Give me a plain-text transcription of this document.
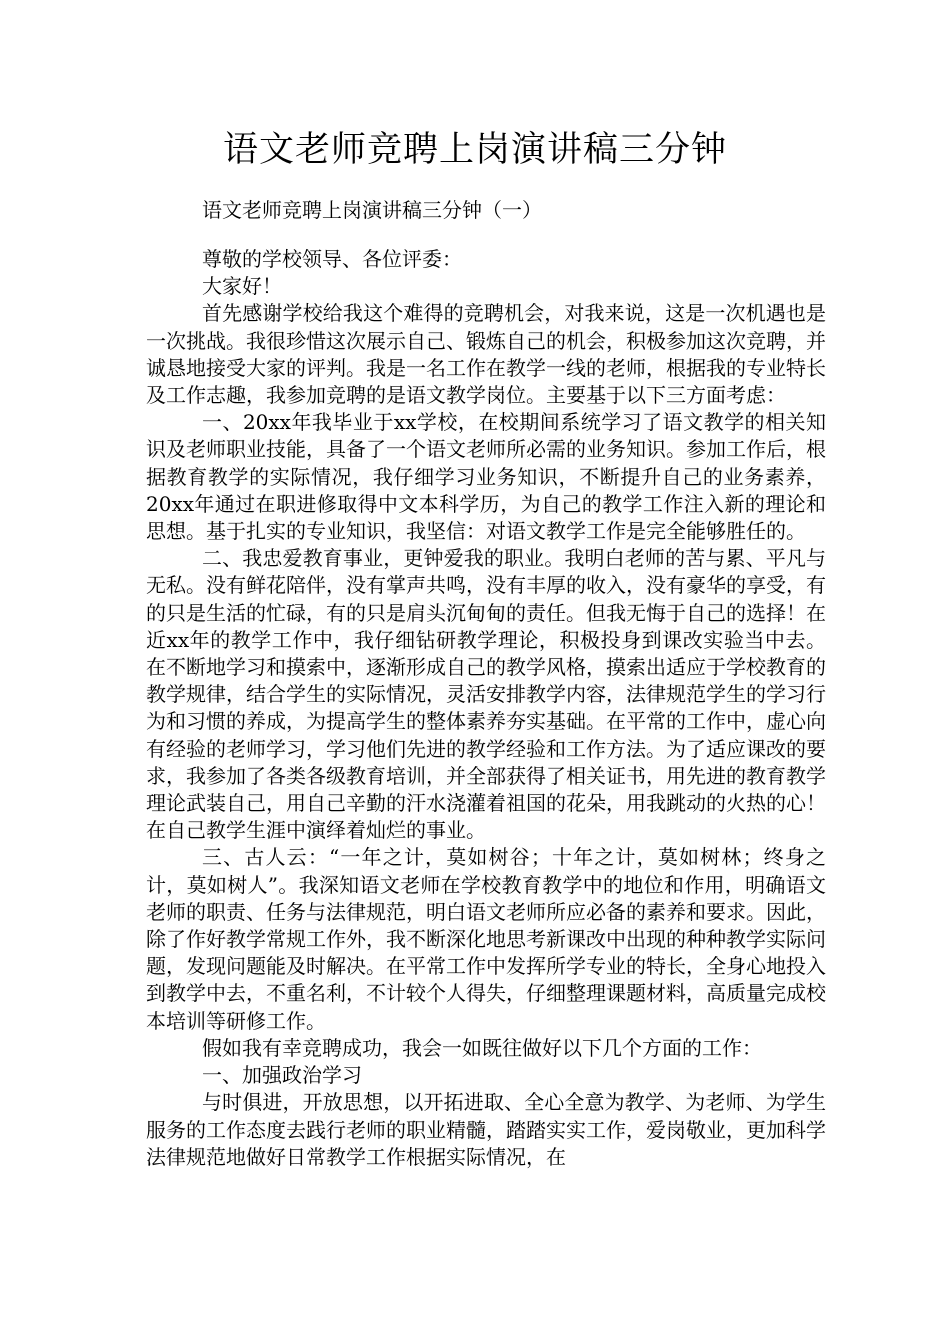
语文老师竞聘上岗演讲稿三分钟
语文老师竞聘上岗演讲稿三分钟（一）

尊敬的学校领导、各位评委：

大家好！

首先感谢学校给我这个难得的竞聘机会，对我来说，这是一次机遇也是一次挑战。我很珍惜这次展示自己、锻炼自己的机会，积极参加这次竞聘，并诚恳地接受大家的评判。我是一名工作在教学一线的老师，根据我的专业特长及工作志趣，我参加竞聘的是语文教学岗位。主要基于以下三方面考虑：

一、20xx年我毕业于xx学校，在校期间系统学习了语文教学的相关知识及老师职业技能，具备了一个语文老师所必需的业务知识。参加工作后，根据教育教学的实际情况，我仔细学习业务知识，不断提升自己的业务素养，20xx年通过在职进修取得中文本科学历，为自己的教学工作注入新的理论和思想。基于扎实的专业知识，我坚信：对语文教学工作是完全能够胜任的。

二、我忠爱教育事业，更钟爱我的职业。我明白老师的苦与累、平凡与无私。没有鲜花陪伴，没有掌声共鸣，没有丰厚的收入，没有豪华的享受，有的只是生活的忙碌，有的只是肩头沉甸甸的责任。但我无悔于自己的选择！在近xx年的教学工作中，我仔细钻研教学理论，积极投身到课改实验当中去。在不断地学习和摸索中，逐渐形成自己的教学风格，摸索出适应于学校教育的教学规律，结合学生的实际情况，灵活安排教学内容，法律规范学生的学习行为和习惯的养成，为提高学生的整体素养夯实基础。在平常的工作中，虚心向有经验的老师学习，学习他们先进的教学经验和工作方法。为了适应课改的要求，我参加了各类各级教育培训，并全部获得了相关证书，用先进的教育教学理论武装自己，用自己辛勤的汗水浇灌着祖国的花朵，用我跳动的火热的心！在自己教学生涯中演绎着灿烂的事业。

三、古人云：“一年之计，莫如树谷；十年之计，莫如树林；终身之计，莫如树人”。我深知语文老师在学校教育教学中的地位和作用，明确语文老师的职责、任务与法律规范，明白语文老师所应必备的素养和要求。因此，除了作好教学常规工作外，我不断深化地思考新课改中出现的种种教学实际问题，发现问题能及时解决。在平常工作中发挥所学专业的特长，全身心地投入到教学中去，不重名利，不计较个人得失，仔细整理课题材料，高质量完成校本培训等研修工作。

假如我有幸竞聘成功，我会一如既往做好以下几个方面的工作：

一、加强政治学习

与时俱进，开放思想，以开拓进取、全心全意为教学、为老师、为学生服务的工作态度去践行老师的职业精髓，踏踏实实工作，爱岗敬业，更加科学法律规范地做好日常教学工作根据实际情况，在
